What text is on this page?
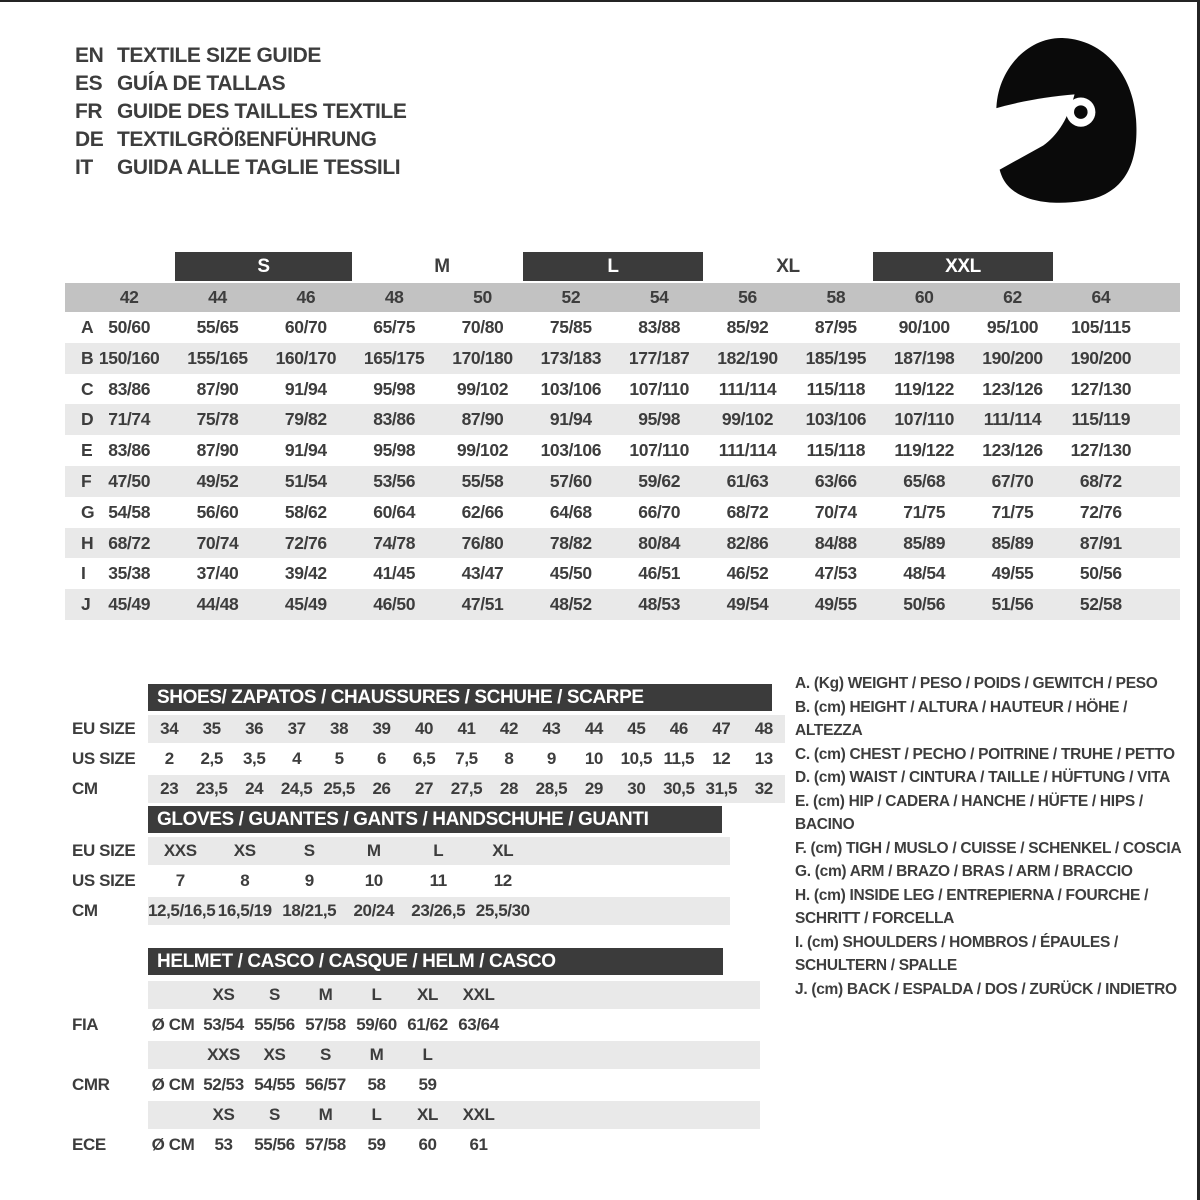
EN TEXTILE SIZE GUIDE
ES GUÍA DE TALLAS
FR GUIDE DES TAILLES TEXTILE
DE TEXTILGRÖßENFÜHRUNG
IT	GUIDA ALLE TAGLIE TESSILI
S	M	L	XL	XXL
42	44	46	48	50	52	54	56	58	60	62	64
A 50/60	55/65	60/70	65/75	70/80	75/85	83/88	85/92	87/95	90/100	95/100	105/115
B 150/160	155/165	160/170	165/175	170/180	173/183	177/187	182/190	185/195	187/198	190/200	190/200
C 83/86	87/90	91/94	95/98	99/102	103/106	107/110	111/114	115/118	119/122	123/126	127/130
D 71/74	75/78	79/82	83/86	87/90	91/94	95/98	99/102	103/106	107/110	111/114	115/119
E 83/86	87/90	91/94	95/98	99/102	103/106	107/110	111/114	115/118	119/122	123/126	127/130
F 47/50	49/52	51/54	53/56	55/58	57/60	59/62	61/63	63/66	65/68	67/70	68/72
G 54/58	56/60	58/62	60/64	62/66	64/68	66/70	68/72	70/74	71/75	71/75	72/76
H 68/72	70/74	72/76	74/78	76/80	78/82	80/84	82/86	84/88	85/89	85/89	87/91
I	35/38	37/40	39/42	41/45	43/47	45/50	46/51	46/52	47/53	48/54	49/55	50/56
J	45/49	44/48	45/49	46/50	47/51	48/52	48/53	49/54	49/55	50/56	51/56	52/58
SHOES/ ZAPATOS / CHAUSSURES / SCHUHE / SCARPE
EU SIZE	34	35	36	37	38	39	40	41	42	43	44	45	46	47	48
US SIZE	2	2,5	3,5	4	5	6	6,5	7,5	8	9	10	10,5 11,5	12	13
CM	23	23,5	24	24,5 25,5	26	27	27,5	28	28,5	29	30	30,5 31,5	32
GLOVES / GUANTES / GANTS / HANDSCHUHE / GUANTI
EU SIZE	XXS	XS	S	M	L	XL
US SIZE	7	8	9	10	11	12
CM	12,5/16,5 16,5/19 18/21,5	20/24	23/26,5 25,5/30
HELMET / CASCO / CASQUE / HELM / CASCO
XS	S	M	L	XL	XXL
FIA	Ø CM 53/54 55/56 57/58 59/60 61/62 63/64
XXS	XS	S	M	L
CMR Ø CM 52/53 54/55 56/57	58	59
XS	S	M	L	XL	XXL
ECE	Ø CM	53	55/56 57/58	59	60	61
A. (Kg) WEIGHT / PESO / POIDS / GEWITCH / PESO
B. (cm) HEIGHT / ALTURA / HAUTEUR / HÖHE / ALTEZZA
C. (cm) CHEST / PECHO / POITRINE / TRUHE / PETTO
D. (cm) WAIST / CINTURA / TAILLE / HÜFTUNG / VITA
E. (cm) HIP / CADERA / HANCHE / HÜFTE / HIPS / BACINO
F. (cm) TIGH / MUSLO / CUISSE / SCHENKEL / COSCIA
G. (cm) ARM / BRAZO / BRAS / ARM / BRACCIO
H. (cm) INSIDE LEG / ENTREPIERNA / FOURCHE / SCHRITT / FORCELLA
I. (cm) SHOULDERS / HOMBROS / ÉPAULES / SCHULTERN / SPALLE
J. (cm) BACK / ESPALDA / DOS / ZURÜCK / INDIETRO
